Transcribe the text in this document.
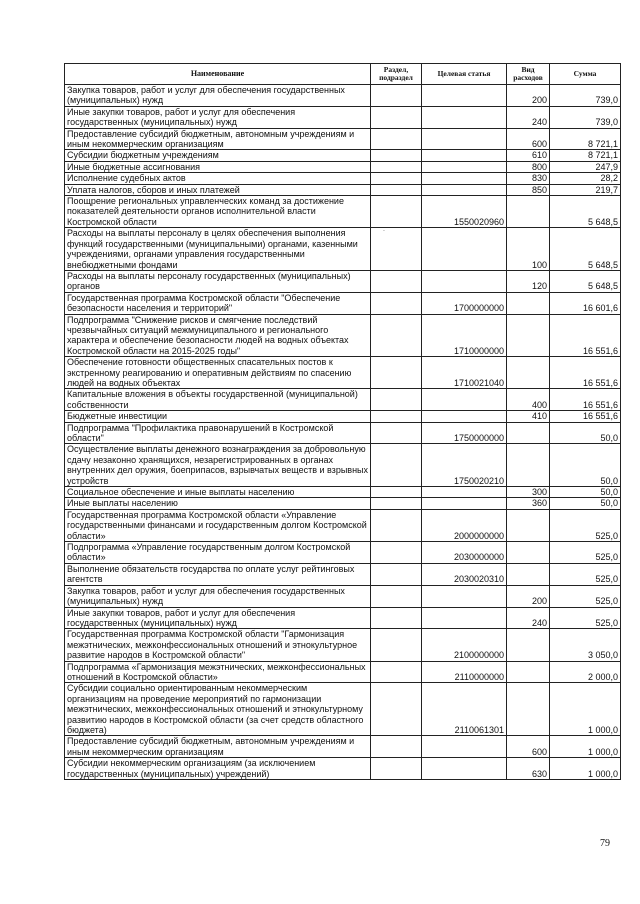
Наименование	Раздел, подраздел	Целевая статья	Вид расходов	Сумма
Закупка товаров, работ и услуг для обеспечения государственных (муниципальных) нужд			200	739,0
Иные закупки товаров, работ и услуг для обеспечения государственных (муниципальных) нужд			240	739,0
Предоставление субсидий бюджетным, автономным учреждениям и иным некоммерческим организациям			600	8 721,1
Субсидии бюджетным учреждениям			610	8 721,1
Иные бюджетные ассигнования			800	247,9
Исполнение судебных актов			830	28,2
Уплата налогов, сборов и иных платежей			850	219,7
Поощрение региональных управленческих команд за достижение показателей деятельности органов исполнительной власти Костромской области		1550020960		5 648,5
Расходы на выплаты персоналу в целях обеспечения выполнения функций государственными (муниципальными) органами, казенными учреждениями, органами управления государственными внебюджетными фондами			100	5 648,5
Расходы на выплаты персоналу государственных (муниципальных) органов			120	5 648,5
Государственная программа Костромской области "Обеспечение безопасности населения и территорий"		1700000000		16 601,6
Подпрограмма "Снижение рисков и смягчение последствий чрезвычайных ситуаций межмуниципального и регионального характера и обеспечение безопасности людей на водных объектах Костромской области на 2015-2025 годы"		1710000000		16 551,6
Обеспечение готовности общественных спасательных постов к экстренному реагированию и оперативным действиям по спасению людей на водных объектах		1710021040		16 551,6
Капитальные вложения в объекты государственной (муниципальной) собственности			400	16 551,6
Бюджетные инвестиции			410	16 551,6
Подпрограмма "Профилактика правонарушений в Костромской области"		1750000000		50,0
Осуществление выплаты денежного вознаграждения за добровольную сдачу незаконно хранящихся, незарегистрированных в органах внутренних дел оружия, боеприпасов, взрывчатых веществ и взрывных устройств		1750020210		50,0
Социальное обеспечение и иные выплаты населению			300	50,0
Иные выплаты населению			360	50,0
Государственная программа Костромской области «Управление государственными финансами и государственным долгом Костромской области»		2000000000		525,0
Подпрограмма «Управление государственным долгом Костромской области»		2030000000		525,0
Выполнение обязательств государства по оплате услуг рейтинговых агентств		2030020310		525,0
Закупка товаров, работ и услуг для обеспечения государственных (муниципальных) нужд			200	525,0
Иные закупки товаров, работ и услуг для обеспечения государственных (муниципальных) нужд			240	525,0
Государственная программа Костромской области "Гармонизация межэтнических, межконфессиональных отношений и этнокультурное развитие народов в Костромской области"		2100000000		3 050,0
Подпрограмма «Гармонизация межэтнических, межконфессиональных отношений в Костромской области»		2110000000		2 000,0
Субсидии социально ориентированным некоммерческим организациям на проведение мероприятий по гармонизации межэтнических, межконфессиональных отношений и этнокультурному развитию народов в Костромской области (за счет средств областного бюджета)		2110061301		1 000,0
Предоставление субсидий бюджетным, автономным учреждениям и иным некоммерческим организациям			600	1 000,0
Субсидии некоммерческим организациям (за исключением государственных (муниципальных) учреждений)			630	1 000,0
.
79
